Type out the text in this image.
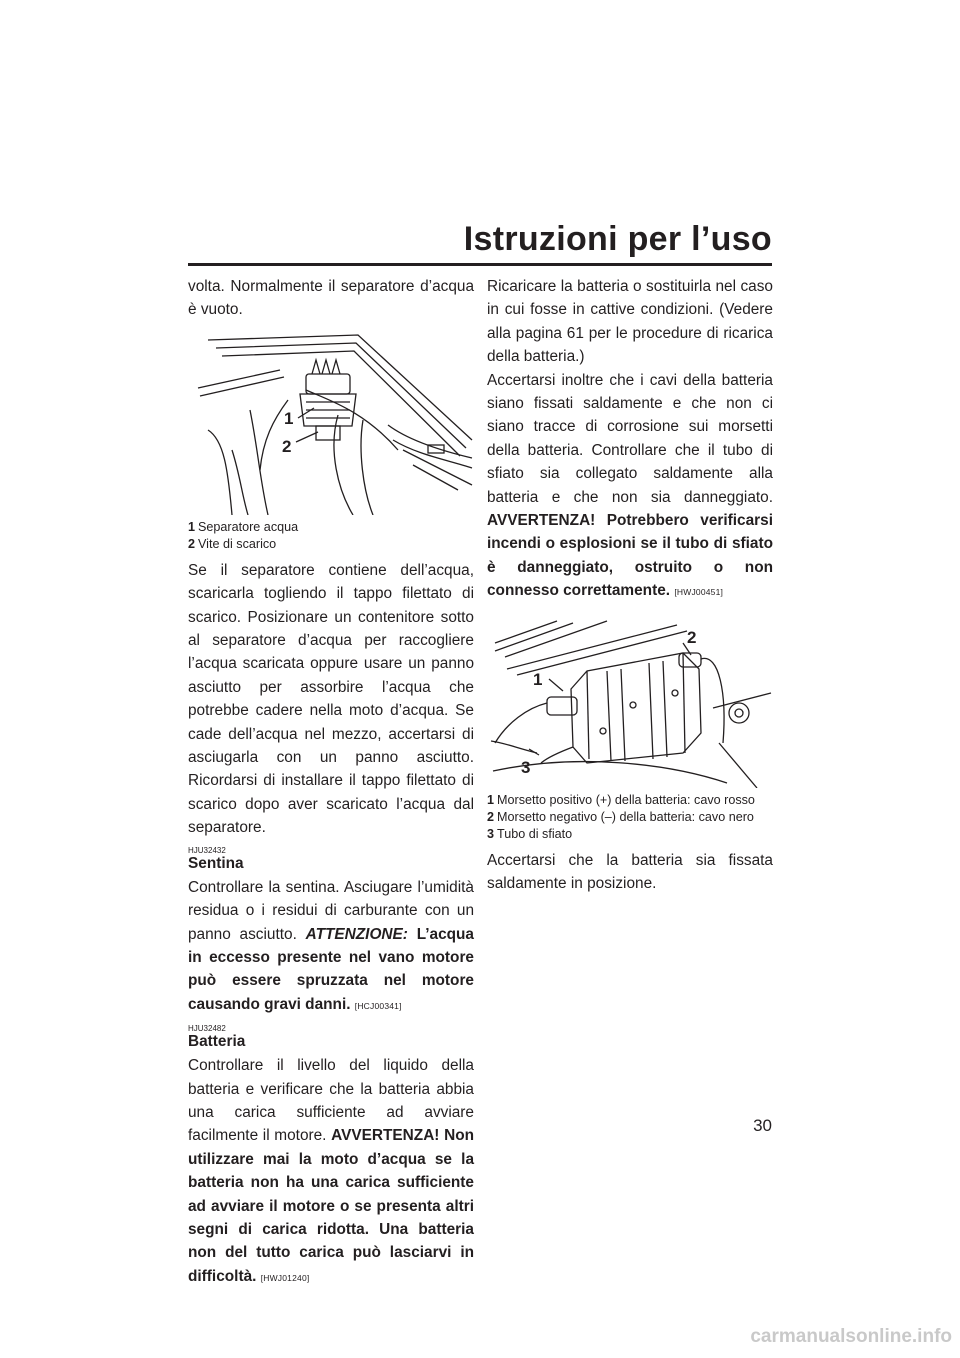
Istruzioni per l’uso

volta. Normalmente il separatore d’acqua è vuoto.

1
2
1 Separatore acqua
2 Vite di scarico

Se il separatore contiene dell’acqua, scaricarla togliendo il tappo filettato di scarico. Posizionare un contenitore sotto al separatore d’acqua per raccogliere l’acqua scaricata oppure usare un panno asciutto per assorbire l’acqua che potrebbe cadere nella moto d’acqua. Se cade dell’acqua nel mezzo, accertarsi di asciugarla con un panno asciutto. Ricordarsi di installare il tappo filettato di scarico dopo aver scaricato l’acqua dal separatore.

HJU32432
Sentina

Controllare la sentina. Asciugare l’umidità residua o i residui di carburante con un panno asciutto. ATTENZIONE: L’acqua in eccesso presente nel vano motore può essere spruzzata nel motore causando gravi danni. [HCJ00341]

HJU32482
Batteria

Controllare il livello del liquido della batteria e verificare che la batteria abbia una carica sufficiente ad avviare facilmente il motore. AVVERTENZA! Non utilizzare mai la moto d’acqua se la batteria non ha una carica sufficiente ad avviare il motore o se presenta altri segni di carica ridotta. Una batteria non del tutto carica può lasciarvi in difficoltà. [HWJ01240]

Ricaricare la batteria o sostituirla nel caso in cui fosse in cattive condizioni. (Vedere alla pagina 61 per le procedure di ricarica della batteria.)

Accertarsi inoltre che i cavi della batteria siano fissati saldamente e che non ci siano tracce di corrosione sui morsetti della batteria. Controllare che il tubo di sfiato sia collegato saldamente alla batteria e che non sia danneggiato. AVVERTENZA! Potrebbero verificarsi incendi o esplosioni se il tubo di sfiato è danneggiato, ostruito o non connesso correttamente. [HWJ00451]

2
1
3
1 Morsetto positivo (+) della batteria: cavo rosso
2 Morsetto negativo (–) della batteria: cavo nero
3 Tubo di sfiato

Accertarsi che la batteria sia fissata saldamente in posizione.

30
carmanualsonline.info
